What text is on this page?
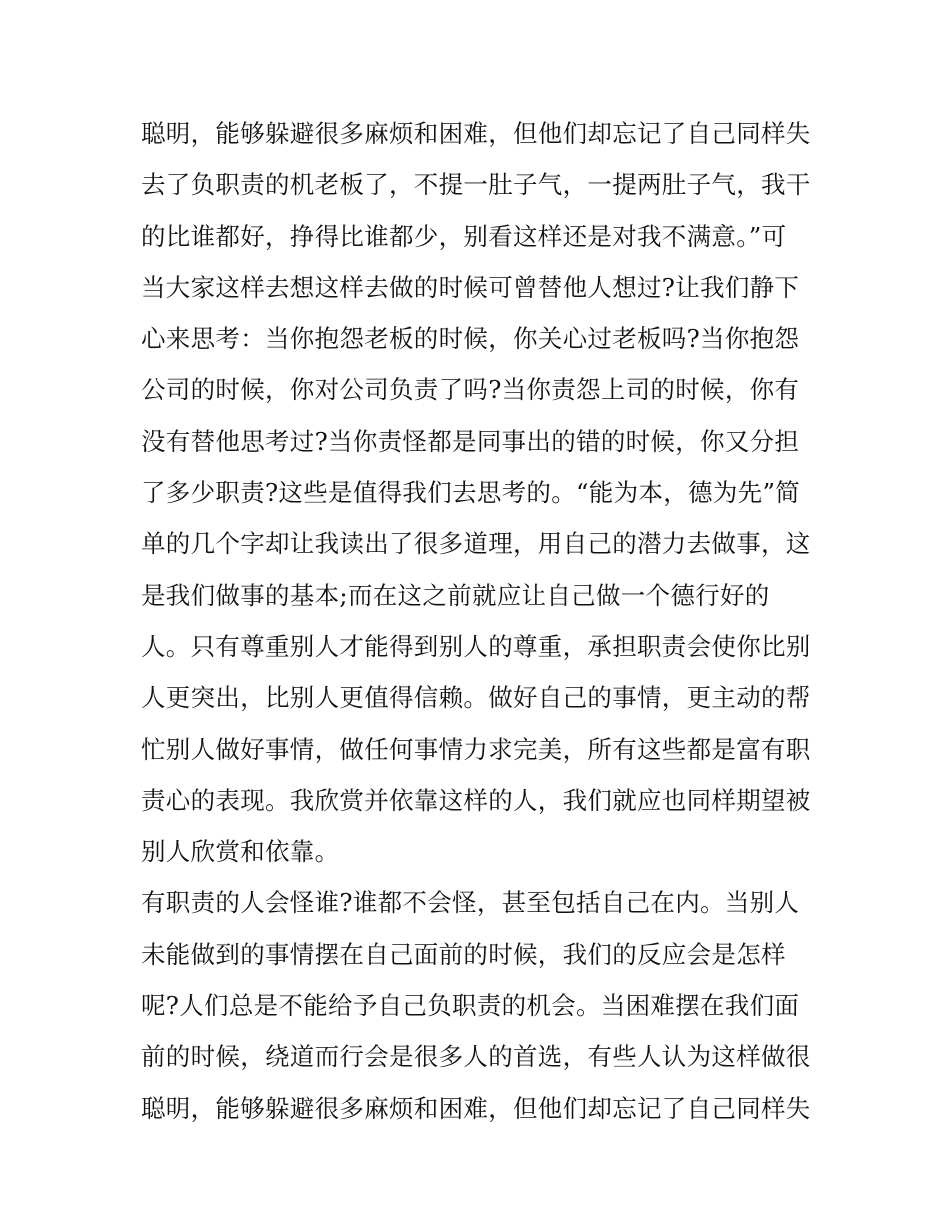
聪明，能够躲避很多麻烦和困难，但他们却忘记了自己同样失
去了负职责的机老板了，不提一肚子气，一提两肚子气，我干
的比谁都好，挣得比谁都少，别看这样还是对我不满意。”可
当大家这样去想这样去做的时候可曾替他人想过?让我们静下
心来思考：当你抱怨老板的时候，你关心过老板吗?当你抱怨
公司的时候，你对公司负责了吗?当你责怨上司的时候，你有
没有替他思考过?当你责怪都是同事出的错的时候，你又分担
了多少职责?这些是值得我们去思考的。“能为本，德为先”简
单的几个字却让我读出了很多道理，用自己的潜力去做事，这
是我们做事的基本;而在这之前就应让自己做一个德行好的
人。只有尊重别人才能得到别人的尊重，承担职责会使你比别
人更突出，比别人更值得信赖。做好自己的事情，更主动的帮
忙别人做好事情，做任何事情力求完美，所有这些都是富有职
责心的表现。我欣赏并依靠这样的人，我们就应也同样期望被
别人欣赏和依靠。
有职责的人会怪谁?谁都不会怪，甚至包括自己在内。当别人
未能做到的事情摆在自己面前的时候，我们的反应会是怎样
呢?人们总是不能给予自己负职责的机会。当困难摆在我们面
前的时候，绕道而行会是很多人的首选，有些人认为这样做很
聪明，能够躲避很多麻烦和困难，但他们却忘记了自己同样失
